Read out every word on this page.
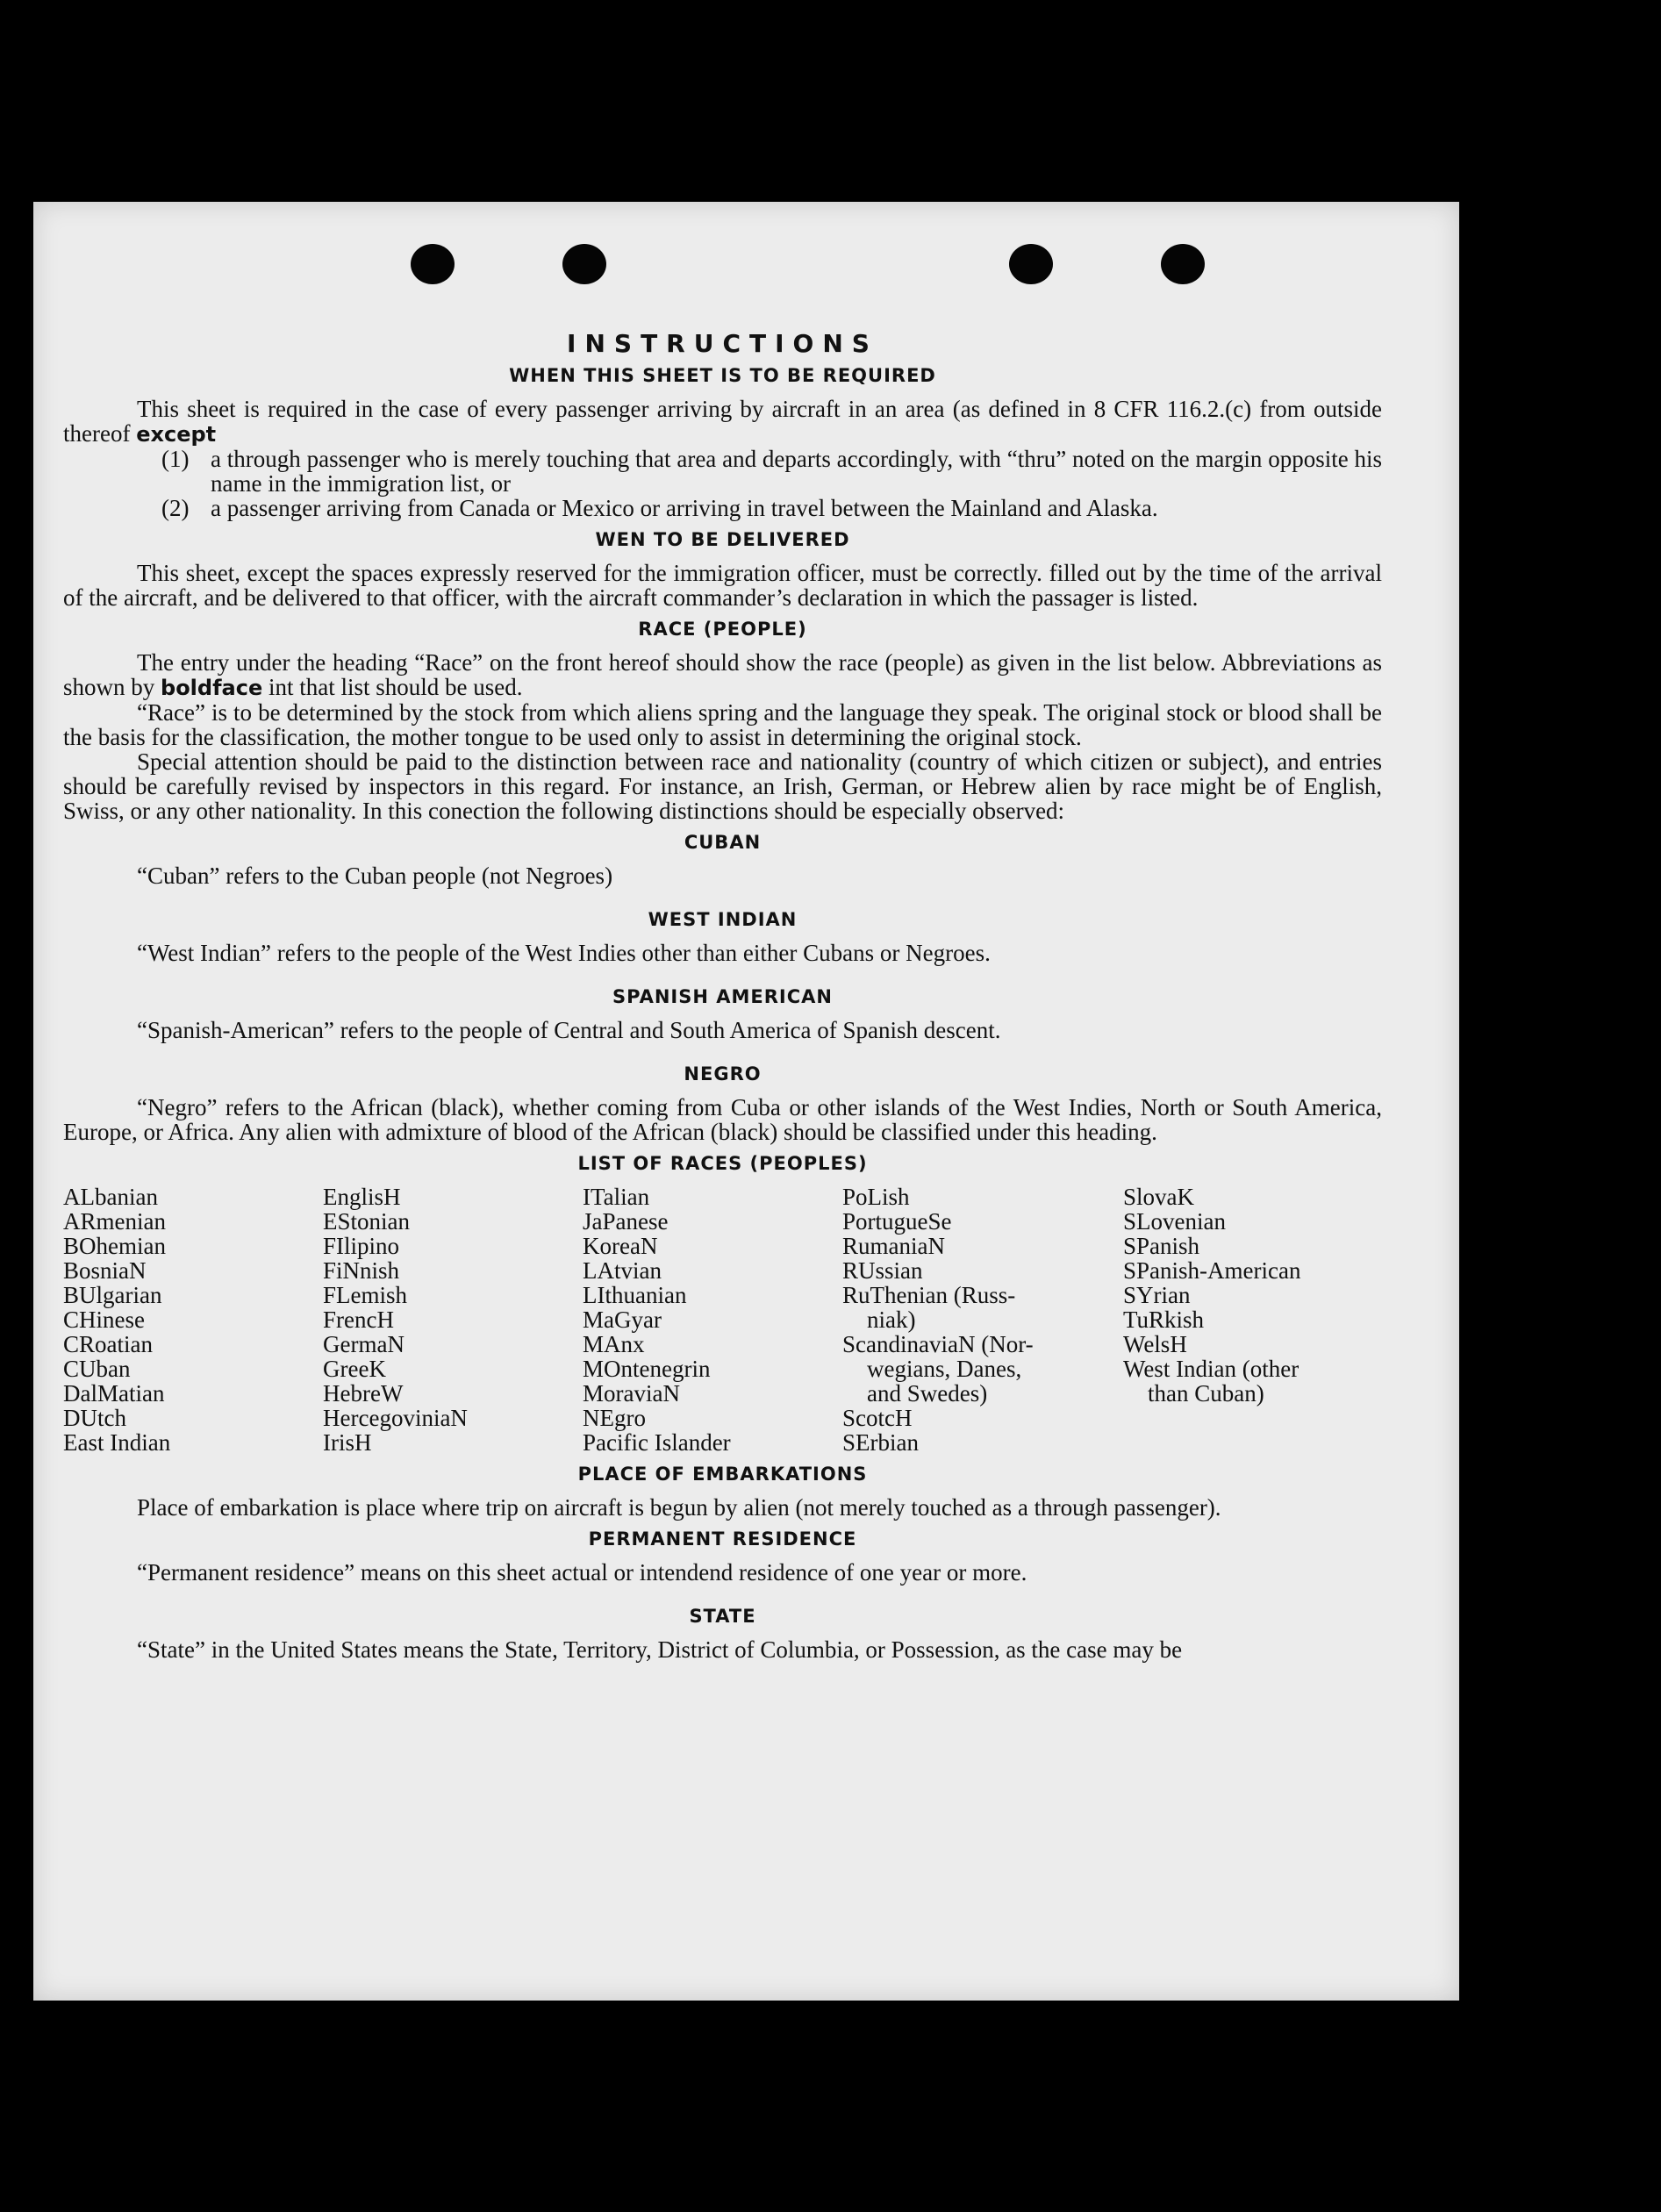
INSTRUCTIONS
WHEN THIS SHEET IS TO BE REQUIRED

This sheet is required in the case of every passenger arriving by aircraft in an area (as defined in 8 CFR 116.2.(c) from outside thereof except

(1) a through passenger who is merely touching that area and departs accordingly, with “thru” noted on the margin opposite his name in the immigration list, or
(2) a passenger arriving from Canada or Mexico or arriving in travel between the Mainland and Alaska.
WEN TO BE DELIVERED

This sheet, except the spaces expressly reserved for the immigration officer, must be correctly. filled out by the time of the arrival of the aircraft, and be delivered to that officer, with the aircraft commander’s declaration in which the passager is listed.

RACE (PEOPLE)

The entry under the heading “Race” on the front hereof should show the race (people) as given in the list below. Abbreviations as shown by boldface int that list should be used.

“Race” is to be determined by the stock from which aliens spring and the language they speak. The original stock or blood shall be the basis for the classification, the mother tongue to be used only to assist in determining the original stock.

Special attention should be paid to the distinction between race and nationality (country of which citizen or subject), and entries should be carefully revised by inspectors in this regard. For instance, an Irish, German, or Hebrew alien by race might be of English, Swiss, or any other nationality. In this conection the following distinctions should be especially observed:

CUBAN

“Cuban” refers to the Cuban people (not Negroes)

WEST INDIAN

“West Indian” refers to the people of the West Indies other than either Cubans or Negroes.

SPANISH AMERICAN

“Spanish-American” refers to the people of Central and South America of Spanish descent.

NEGRO

“Negro” refers to the African (black), whether coming from Cuba or other islands of the West Indies, North or South America, Europe, or Africa. Any alien with admixture of blood of the African (black) should be classified under this heading.

LIST OF RACES (PEOPLES)
ALbanian
ARmenian
BOhemian
BosniaN
BUlgarian
CHinese
CRoatian
CUban
DalMatian
DUtch
East Indian
EnglisH
EStonian
FIlipino
FiNnish
FLemish
FrencH
GermaN
GreeK
HebreW
HercegoviniaN
IrisH
ITalian
JaPanese
KoreaN
LAtvian
LIthuanian
MaGyar
MAnx
MOntenegrin
MoraviaN
NEgro
Pacific Islander
PoLish
PortugueSe
RumaniaN
RUssian
RuThenian (Russ-
niak)
ScandinaviaN (Nor-
wegians, Danes,
and Swedes)
ScotcH
SErbian
SlovaK
SLovenian
SPanish
SPanish-American
SYrian
TuRkish
WelsH
West Indian (other
than Cuban)
PLACE OF EMBARKATIONS

Place of embarkation is place where trip on aircraft is begun by alien (not merely touched as a through passenger).

PERMANENT RESIDENCE

“Permanent residence” means on this sheet actual or intendend residence of one year or more.

STATE

“State” in the United States means the State, Territory, District of Columbia, or Possession, as the case may be
